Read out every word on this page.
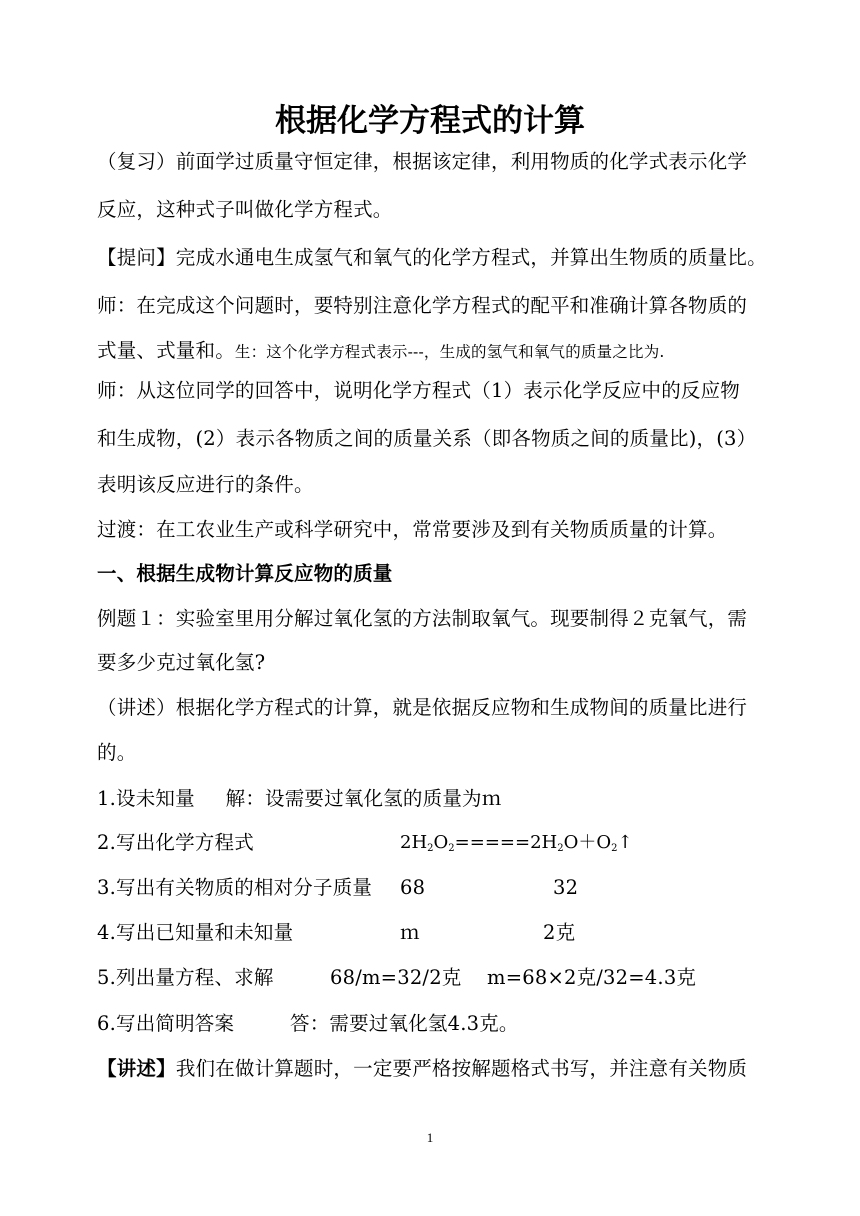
根据化学方程式的计算
（复习）前面学过质量守恒定律，根据该定律，利用物质的化学式表示化学
反应，这种式子叫做化学方程式。
【提问】完成水通电生成氢气和氧气的化学方程式，并算出生物质的质量比。
师：在完成这个问题时，要特别注意化学方程式的配平和准确计算各物质的
式量、式量和。生：这个化学方程式表示---，生成的氢气和氧气的质量之比为.
师：从这位同学的回答中，说明化学方程式（1）表示化学反应中的反应物
和生成物，(2）表示各物质之间的质量关系（即各物质之间的质量比)，(3）
表明该反应进行的条件。
过渡：在工农业生产或科学研究中，常常要涉及到有关物质质量的计算。
一、根据生成物计算反应物的质量
例题１：实验室里用分解过氧化氢的方法制取氧气。现要制得２克氧气，需
要多少克过氧化氢?
（讲述）根据化学方程式的计算，就是依据反应物和生成物间的质量比进行
的。
1.设未知量 解：设需要过氧化氢的质量为ｍ
2.写出化学方程式	$2H_2O_2=====2H_2O+O_2↑$
3.写出有关物质的相对分子质量 68	32
4.写出已知量和未知量	ｍ	2克
5.列出量方程、求解	68/m=32/2克 m=68×2克/32=4.3克
6.写出简明答案	答：需要过氧化氢4.3克。
【讲述】我们在做计算题时，一定要严格按解题格式书写，并注意有关物质
1
